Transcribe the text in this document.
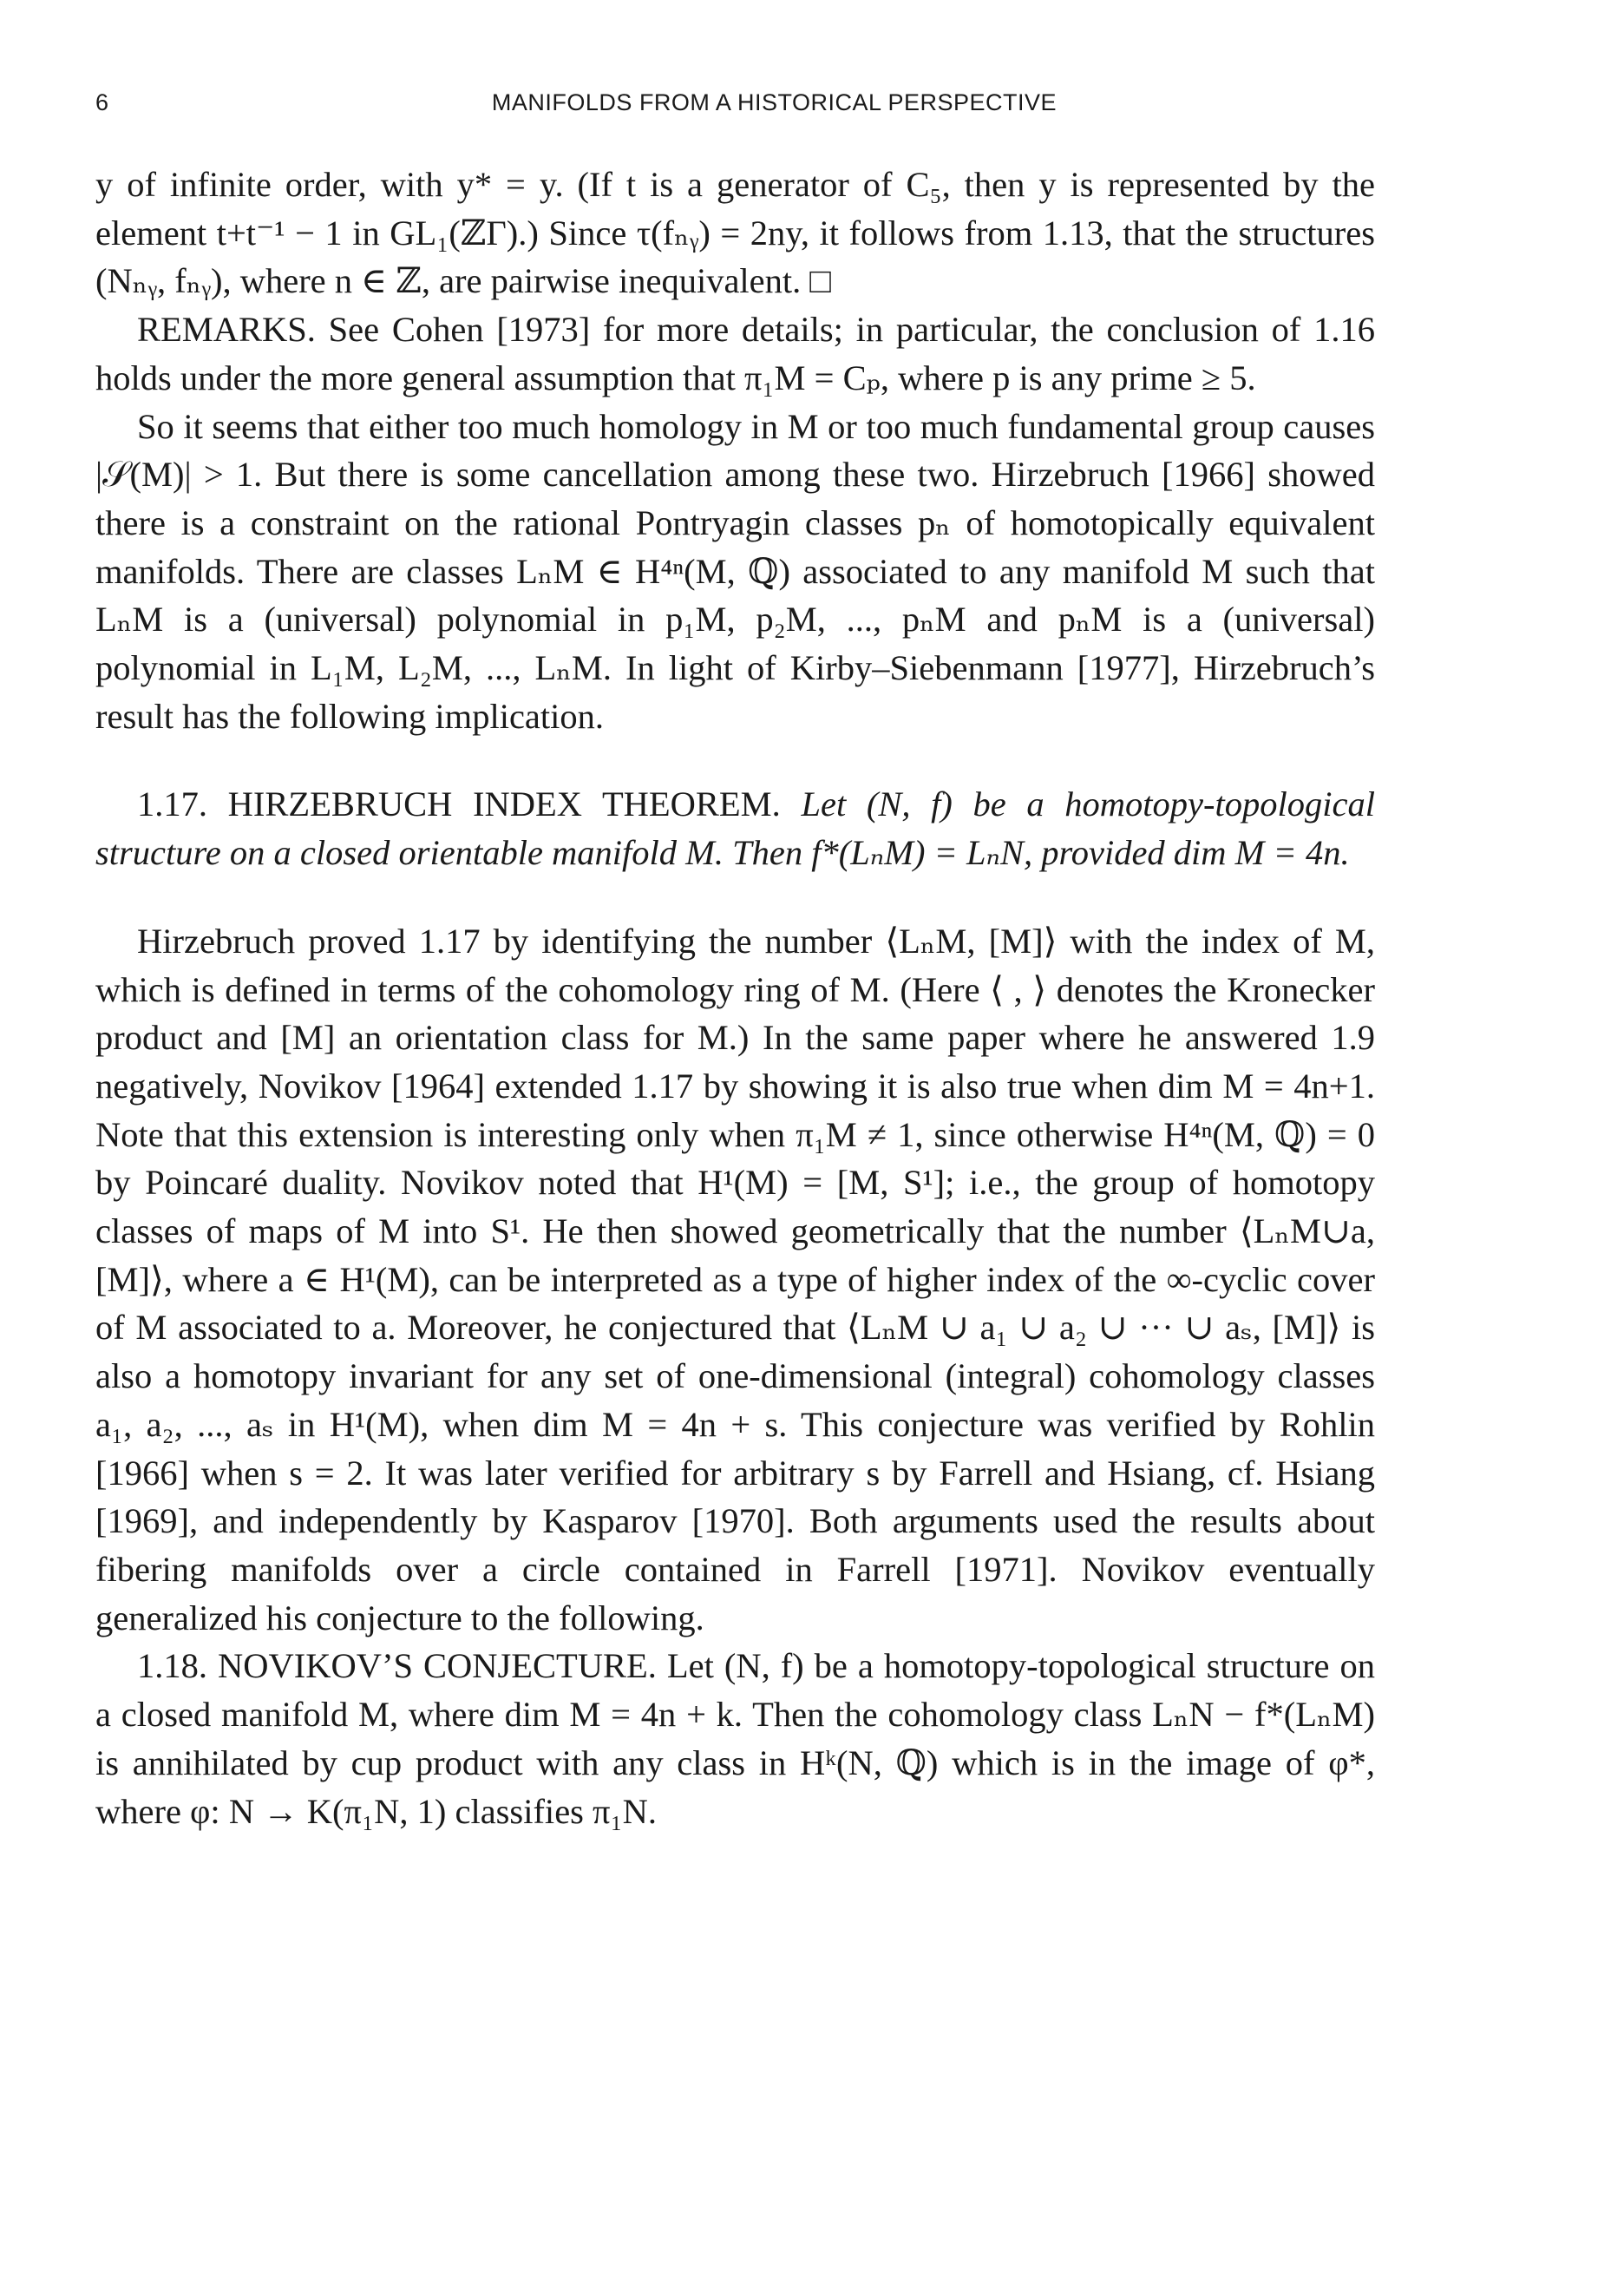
6	MANIFOLDS FROM A HISTORICAL PERSPECTIVE

y of infinite order, with y* = y. (If t is a generator of C₅, then y is represented by the element t+t⁻¹ − 1 in GL₁(ℤΓ).) Since τ(fₙᵧ) = 2ny, it follows from 1.13, that the structures (Nₙᵧ, fₙᵧ), where n ∈ ℤ, are pairwise inequivalent. □

REMARKS. See Cohen [1973] for more details; in particular, the conclusion of 1.16 holds under the more general assumption that π₁M = Cₚ, where p is any prime ≥ 5.

So it seems that either too much homology in M or too much fundamental group causes |𝒮(M)| > 1. But there is some cancellation among these two. Hirzebruch [1966] showed there is a constraint on the rational Pontryagin classes pₙ of homotopically equivalent manifolds. There are classes LₙM ∈ H⁴ⁿ(M, ℚ) associated to any manifold M such that LₙM is a (universal) polynomial in p₁M, p₂M, ..., pₙM and pₙM is a (universal) polynomial in L₁M, L₂M, ..., LₙM. In light of Kirby–Siebenmann [1977], Hirzebruch’s result has the following implication.

1.17. HIRZEBRUCH INDEX THEOREM. Let (N, f) be a homotopy-topological structure on a closed orientable manifold M. Then f*(LₙM) = LₙN, provided dim M = 4n.

Hirzebruch proved 1.17 by identifying the number ⟨LₙM, [M]⟩ with the index of M, which is defined in terms of the cohomology ring of M. (Here ⟨ , ⟩ denotes the Kronecker product and [M] an orientation class for M.) In the same paper where he answered 1.9 negatively, Novikov [1964] extended 1.17 by showing it is also true when dim M = 4n+1. Note that this extension is interesting only when π₁M ≠ 1, since otherwise H⁴ⁿ(M, ℚ) = 0 by Poincaré duality. Novikov noted that H¹(M) = [M, S¹]; i.e., the group of homotopy classes of maps of M into S¹. He then showed geometrically that the number ⟨LₙM∪a, [M]⟩, where a ∈ H¹(M), can be interpreted as a type of higher index of the ∞-cyclic cover of M associated to a. Moreover, he conjectured that ⟨LₙM ∪ a₁ ∪ a₂ ∪ ··· ∪ aₛ, [M]⟩ is also a homotopy invariant for any set of one-dimensional (integral) cohomology classes a₁, a₂, ..., aₛ in H¹(M), when dim M = 4n + s. This conjecture was verified by Rohlin [1966] when s = 2. It was later verified for arbitrary s by Farrell and Hsiang, cf. Hsiang [1969], and independently by Kasparov [1970]. Both arguments used the results about fibering manifolds over a circle contained in Farrell [1971]. Novikov eventually generalized his conjecture to the following.

1.18. NOVIKOV’S CONJECTURE. Let (N, f) be a homotopy-topological structure on a closed manifold M, where dim M = 4n + k. Then the cohomology class LₙN − f*(LₙM) is annihilated by cup product with any class in Hᵏ(N, ℚ) which is in the image of φ*, where φ: N → K(π₁N, 1) classifies π₁N.
